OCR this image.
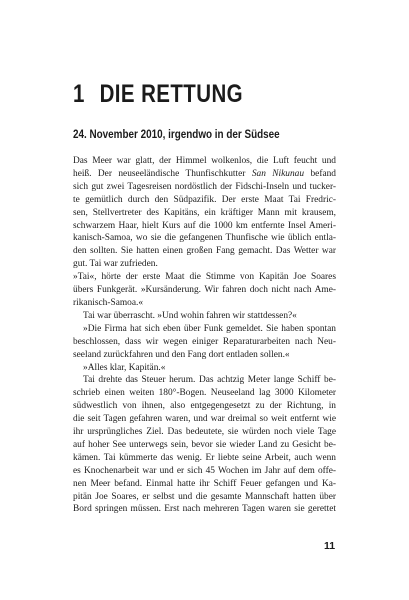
1 DIE RETTUNG
24. November 2010, irgendwo in der Südsee
Das Meer war glatt, der Himmel wolkenlos, die Luft feucht und
heiß. Der neuseeländische Thunfischkutter San Nikunau befand
sich gut zwei Tagesreisen nordöstlich der Fidschi-Inseln und tucker-
te gemütlich durch den Südpazifik. Der erste Maat Tai Fredric-
sen, Stellvertreter des Kapitäns, ein kräftiger Mann mit krausem,
schwarzem Haar, hielt Kurs auf die 1000 km entfernte Insel Ameri-
kanisch-Samoa, wo sie die gefangenen Thunfische wie üblich entla-
den sollten. Sie hatten einen großen Fang gemacht. Das Wetter war
gut. Tai war zufrieden.
»Tai«, hörte der erste Maat die Stimme von Kapitän Joe Soares
übers Funkgerät. »Kursänderung. Wir fahren doch nicht nach Ame-
rikanisch-Samoa.«
Tai war überrascht. »Und wohin fahren wir stattdessen?«
»Die Firma hat sich eben über Funk gemeldet. Sie haben spontan
beschlossen, dass wir wegen einiger Reparaturarbeiten nach Neu-
seeland zurückfahren und den Fang dort entladen sollen.«
»Alles klar, Kapitän.«
Tai drehte das Steuer herum. Das achtzig Meter lange Schiff be-
schrieb einen weiten 180°-Bogen. Neuseeland lag 3000 Kilometer
südwestlich von ihnen, also entgegengesetzt zu der Richtung, in
die seit Tagen gefahren waren, und war dreimal so weit entfernt wie
ihr ursprüngliches Ziel. Das bedeutete, sie würden noch viele Tage
auf hoher See unterwegs sein, bevor sie wieder Land zu Gesicht be-
kämen. Tai kümmerte das wenig. Er liebte seine Arbeit, auch wenn
es Knochenarbeit war und er sich 45 Wochen im Jahr auf dem offe-
nen Meer befand. Einmal hatte ihr Schiff Feuer gefangen und Ka-
pitän Joe Soares, er selbst und die gesamte Mannschaft hatten über
Bord springen müssen. Erst nach mehreren Tagen waren sie gerettet
11
